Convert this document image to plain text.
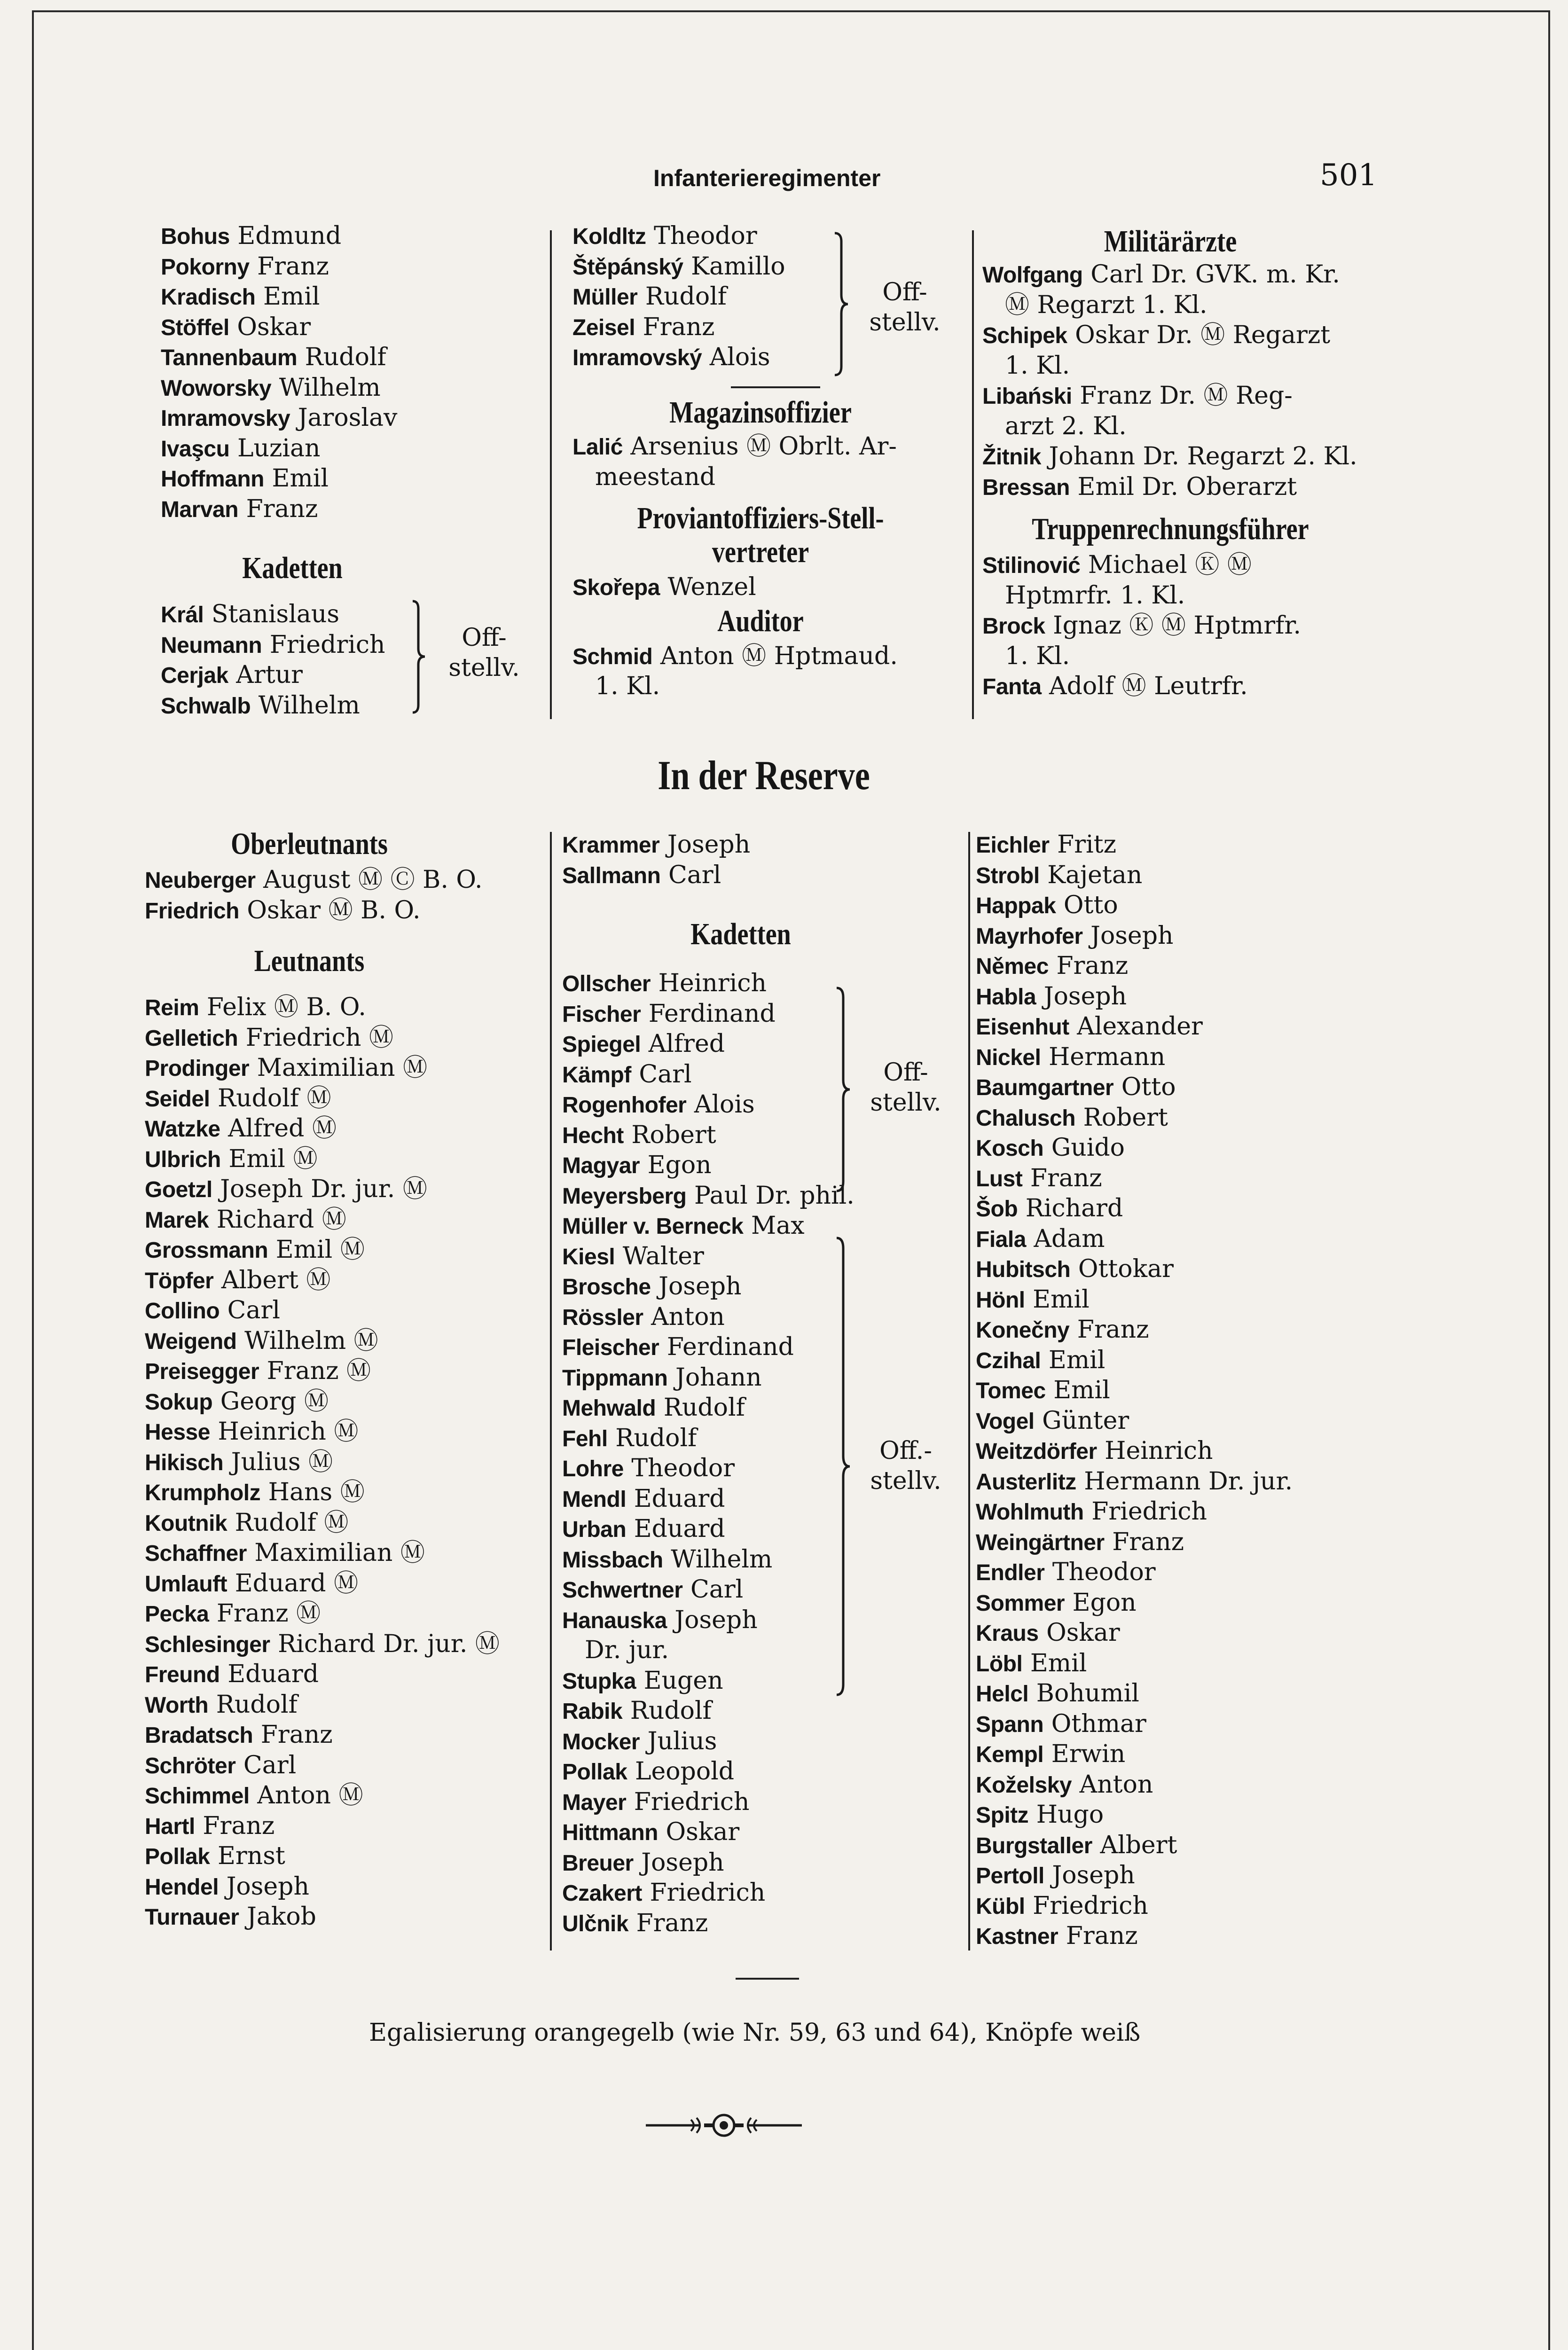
Infanterieregimenter	501
Bohus Edmund
Pokorny Franz
Kradisch Emil
Stöffel Oskar
Tannenbaum Rudolf
Woworsky Wilhelm
Imramovsky Jaroslav
Ivaşcu Luzian
Hoffmann Emil
Marvan Franz
Kadetten
Král Stanislaus
Neumann Friedrich
Cerjak Artur
Schwalb Wilhelm
Off-
stellv.
Koldltz Theodor
Štěpánský Kamillo
Müller Rudolf
Zeisel Franz
Imramovský Alois
Off-
stellv.
Magazinsoffizier
Lalić Arsenius Ⓜ Obrlt. Ar-
meestand
Proviantoffiziers-Stell-
vertreter
Skořepa Wenzel
Auditor
Schmid Anton Ⓜ Hptmaud.
1. Kl.
Militärärzte
Wolfgang Carl Dr. GVK. m. Kr.
Ⓜ Regarzt 1. Kl.
Schipek Oskar Dr. Ⓜ Regarzt
1. Kl.
Libański Franz Dr. Ⓜ Reg-
arzt 2. Kl.
Žitnik Johann Dr. Regarzt 2. Kl.
Bressan Emil Dr. Oberarzt
Truppenrechnungsführer
Stilinović Michael Ⓚ Ⓜ
Hptmrfr. 1. Kl.
Brock Ignaz Ⓚ Ⓜ Hptmrfr.
1. Kl.
Fanta Adolf Ⓜ Leutrfr.
In der Reserve
Oberleutnants
Neuberger August Ⓜ Ⓒ B. O.
Friedrich Oskar Ⓜ B. O.
Leutnants
Reim Felix Ⓜ B. O.
Gelletich Friedrich Ⓜ
Prodinger Maximilian Ⓜ
Seidel Rudolf Ⓜ
Watzke Alfred Ⓜ
Ulbrich Emil Ⓜ
Goetzl Joseph Dr. jur. Ⓜ
Marek Richard Ⓜ
Grossmann Emil Ⓜ
Töpfer Albert Ⓜ
Collino Carl
Weigend Wilhelm Ⓜ
Preisegger Franz Ⓜ
Sokup Georg Ⓜ
Hesse Heinrich Ⓜ
Hikisch Julius Ⓜ
Krumpholz Hans Ⓜ
Koutnik Rudolf Ⓜ
Schaffner Maximilian Ⓜ
Umlauft Eduard Ⓜ
Pecka Franz Ⓜ
Schlesinger Richard Dr. jur. Ⓜ
Freund Eduard
Worth Rudolf
Bradatsch Franz
Schröter Carl
Schimmel Anton Ⓜ
Hartl Franz
Pollak Ernst
Hendel Joseph
Turnauer Jakob
Krammer Joseph
Sallmann Carl
Kadetten
Ollscher Heinrich
Fischer Ferdinand
Spiegel Alfred
Kämpf Carl
Rogenhofer Alois
Hecht Robert
Magyar Egon
Meyersberg Paul Dr. phil.
Müller v. Berneck Max
Kiesl Walter
Brosche Joseph
Rössler Anton
Fleischer Ferdinand
Tippmann Johann
Mehwald Rudolf
Fehl Rudolf
Lohre Theodor
Mendl Eduard
Urban Eduard
Missbach Wilhelm
Schwertner Carl
Hanauska Joseph
Dr. jur.
Stupka Eugen
Rabik Rudolf
Mocker Julius
Pollak Leopold
Mayer Friedrich
Hittmann Oskar
Breuer Joseph
Czakert Friedrich
Ulčnik Franz
Off-
stellv.
Off.-
stellv.
Eichler Fritz
Strobl Kajetan
Happak Otto
Mayrhofer Joseph
Němec Franz
Habla Joseph
Eisenhut Alexander
Nickel Hermann
Baumgartner Otto
Chalusch Robert
Kosch Guido
Lust Franz
Šob Richard
Fiala Adam
Hubitsch Ottokar
Hönl Emil
Konečny Franz
Czihal Emil
Tomec Emil
Vogel Günter
Weitzdörfer Heinrich
Austerlitz Hermann Dr. jur.
Wohlmuth Friedrich
Weingärtner Franz
Endler Theodor
Sommer Egon
Kraus Oskar
Löbl Emil
Helcl Bohumil
Spann Othmar
Kempl Erwin
Koželsky Anton
Spitz Hugo
Burgstaller Albert
Pertoll Joseph
Kübl Friedrich
Kastner Franz
Egalisierung orangegelb (wie Nr. 59, 63 und 64), Knöpfe weiß
